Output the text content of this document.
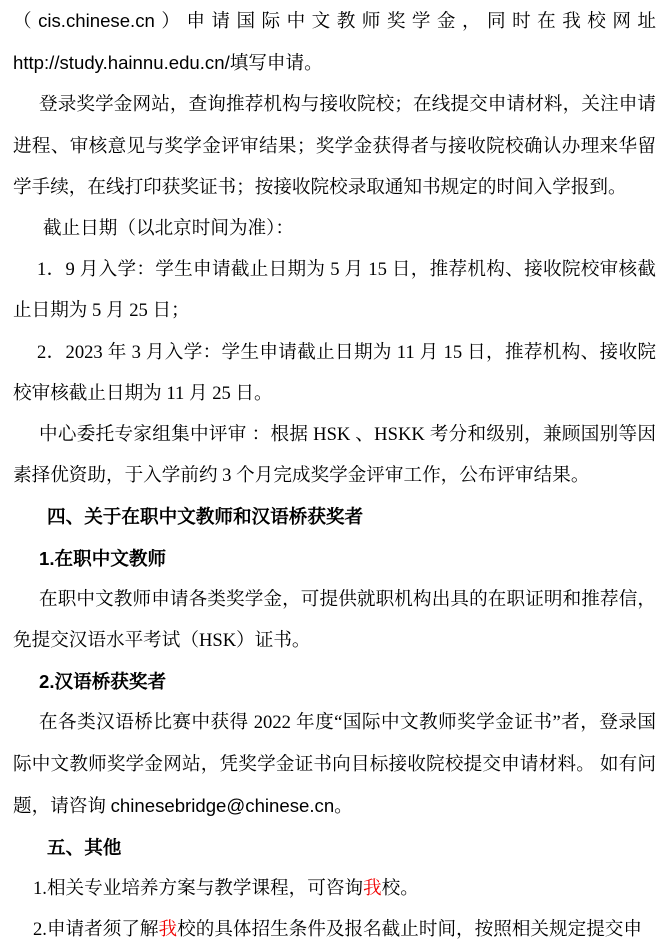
（cis.chinese.cn）申请国际中文教师奖学金，同时在我校网址http://study.hainnu.edu.cn/填写申请。

登录奖学金网站，查询推荐机构与接收院校；在线提交申请材料，关注申请进程、审核意见与奖学金评审结果；奖学金获得者与接收院校确认办理来华留学手续，在线打印获奖证书；按接收院校录取通知书规定的时间入学报到。

截止日期（以北京时间为准）：

1．9 月入学：学生申请截止日期为 5 月 15 日，推荐机构、接收院校审核截止日期为 5 月 25 日；

2．2023 年 3 月入学：学生申请截止日期为 11 月 15 日，推荐机构、接收院校审核截止日期为 11 月 25 日。

中心委托专家组集中评审 ：根据 HSK 、HSKK 考分和级别，兼顾国别等因素择优资助，于入学前约 3 个月完成奖学金评审工作，公布评审结果。

四、关于在职中文教师和汉语桥获奖者

1.在职中文教师

在职中文教师申请各类奖学金，可提供就职机构出具的在职证明和推荐信，免提交汉语水平考试（HSK）证书。

2.汉语桥获奖者

在各类汉语桥比赛中获得 2022 年度“国际中文教师奖学金证书”者，登录国际中文教师奖学金网站，凭奖学金证书向目标接收院校提交申请材料。 如有问题，请咨询 chinesebridge@chinese.cn。

五、其他

1.相关专业培养方案与教学课程，可咨询我校。

2.申请者须了解我校的具体招生条件及报名截止时间，按照相关规定提交申
